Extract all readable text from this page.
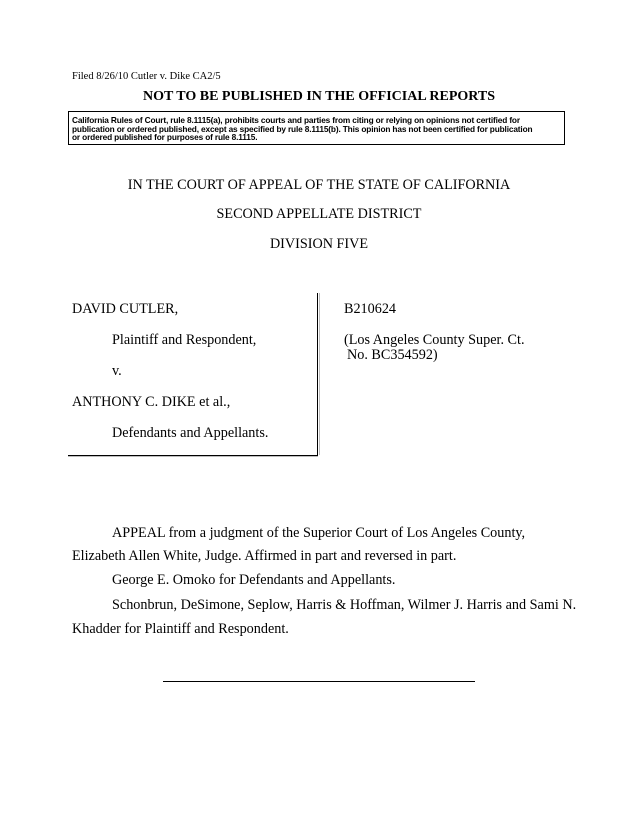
Filed 8/26/10 Cutler v. Dike CA2/5

NOT TO BE PUBLISHED IN THE OFFICIAL REPORTS

California Rules of Court, rule 8.1115(a), prohibits courts and parties from citing or relying on opinions not certified for
publication or ordered published, except as specified by rule 8.1115(b). This opinion has not been certified for publication
or ordered published for purposes of rule 8.1115.

IN THE COURT OF APPEAL OF THE STATE OF CALIFORNIA

SECOND APPELLATE DISTRICT

DIVISION FIVE

DAVID CUTLER,

Plaintiff and Respondent,

v.

ANTHONY C. DIKE et al.,

Defendants and Appellants.

B210624

(Los Angeles County Super. Ct.

No. BC354592)

APPEAL from a judgment of the Superior Court of Los Angeles County,

Elizabeth Allen White, Judge. Affirmed in part and reversed in part.

George E. Omoko for Defendants and Appellants.

Schonbrun, DeSimone, Seplow, Harris & Hoffman, Wilmer J. Harris and Sami N.

Khadder for Plaintiff and Respondent.
